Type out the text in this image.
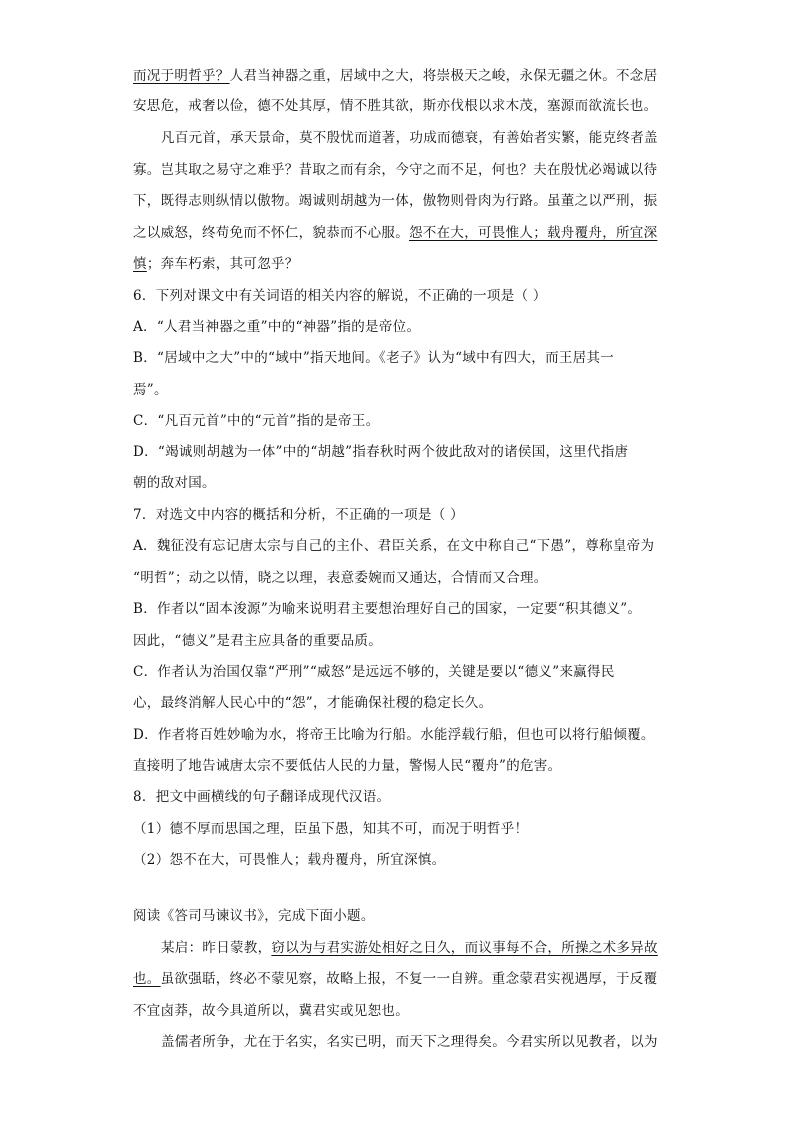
而况于明哲乎？人君当神器之重，居域中之大，将崇极天之峻，永保无疆之休。不念居
安思危，戒奢以俭，德不处其厚，情不胜其欲，斯亦伐根以求木茂，塞源而欲流长也。
凡百元首，承天景命，莫不殷忧而道著，功成而德衰，有善始者实繁，能克终者盖
寡。岂其取之易守之难乎？昔取之而有余，今守之而不足，何也？夫在殷忧必竭诚以待
下，既得志则纵情以傲物。竭诚则胡越为一体，傲物则骨肉为行路。虽董之以严刑，振
之以威怒，终苟免而不怀仁，貌恭而不心服。怨不在大，可畏惟人；载舟覆舟，所宜深
慎；奔车朽索，其可忽乎？
6．下列对课文中有关词语的相关内容的解说，不正确的一项是（ ）
A．“人君当神器之重”中的“神器”指的是帝位。
B．“居域中之大”中的“域中”指天地间。《老子》认为“域中有四大，而王居其一
焉”。
C．“凡百元首”中的“元首”指的是帝王。
D．“竭诚则胡越为一体”中的“胡越”指春秋时两个彼此敌对的诸侯国，这里代指唐
朝的敌对国。
7．对选文中内容的概括和分析，不正确的一项是（ ）
A．魏征没有忘记唐太宗与自己的主仆、君臣关系，在文中称自己“下愚”，尊称皇帝为
“明哲”；动之以情，晓之以理，表意委婉而又通达，合情而又合理。
B．作者以“固本浚源”为喻来说明君主要想治理好自己的国家，一定要“积其德义”。
因此，“德义”是君主应具备的重要品质。
C．作者认为治国仅靠“严刑”“威怒”是远远不够的，关键是要以“德义”来赢得民
心，最终消解人民心中的“怨”，才能确保社稷的稳定长久。
D．作者将百姓妙喻为水，将帝王比喻为行船。水能浮载行船，但也可以将行船倾覆。
直接明了地告诫唐太宗不要低估人民的力量，警惕人民“覆舟”的危害。
8．把文中画横线的句子翻译成现代汉语。
（1）德不厚而思国之理，臣虽下愚，知其不可，而况于明哲乎！
（2）怨不在大，可畏惟人；载舟覆舟，所宜深慎。
阅读《答司马谏议书》，完成下面小题。
某启：昨日蒙教，窃以为与君实游处相好之日久，而议事每不合，所操之术多异故
也。虽欲强聒，终必不蒙见察，故略上报，不复一一自辨。重念蒙君实视遇厚，于反覆
不宜卤莽，故今具道所以，冀君实或见恕也。
盖儒者所争，尤在于名实，名实已明，而天下之理得矣。今君实所以见教者，以为
